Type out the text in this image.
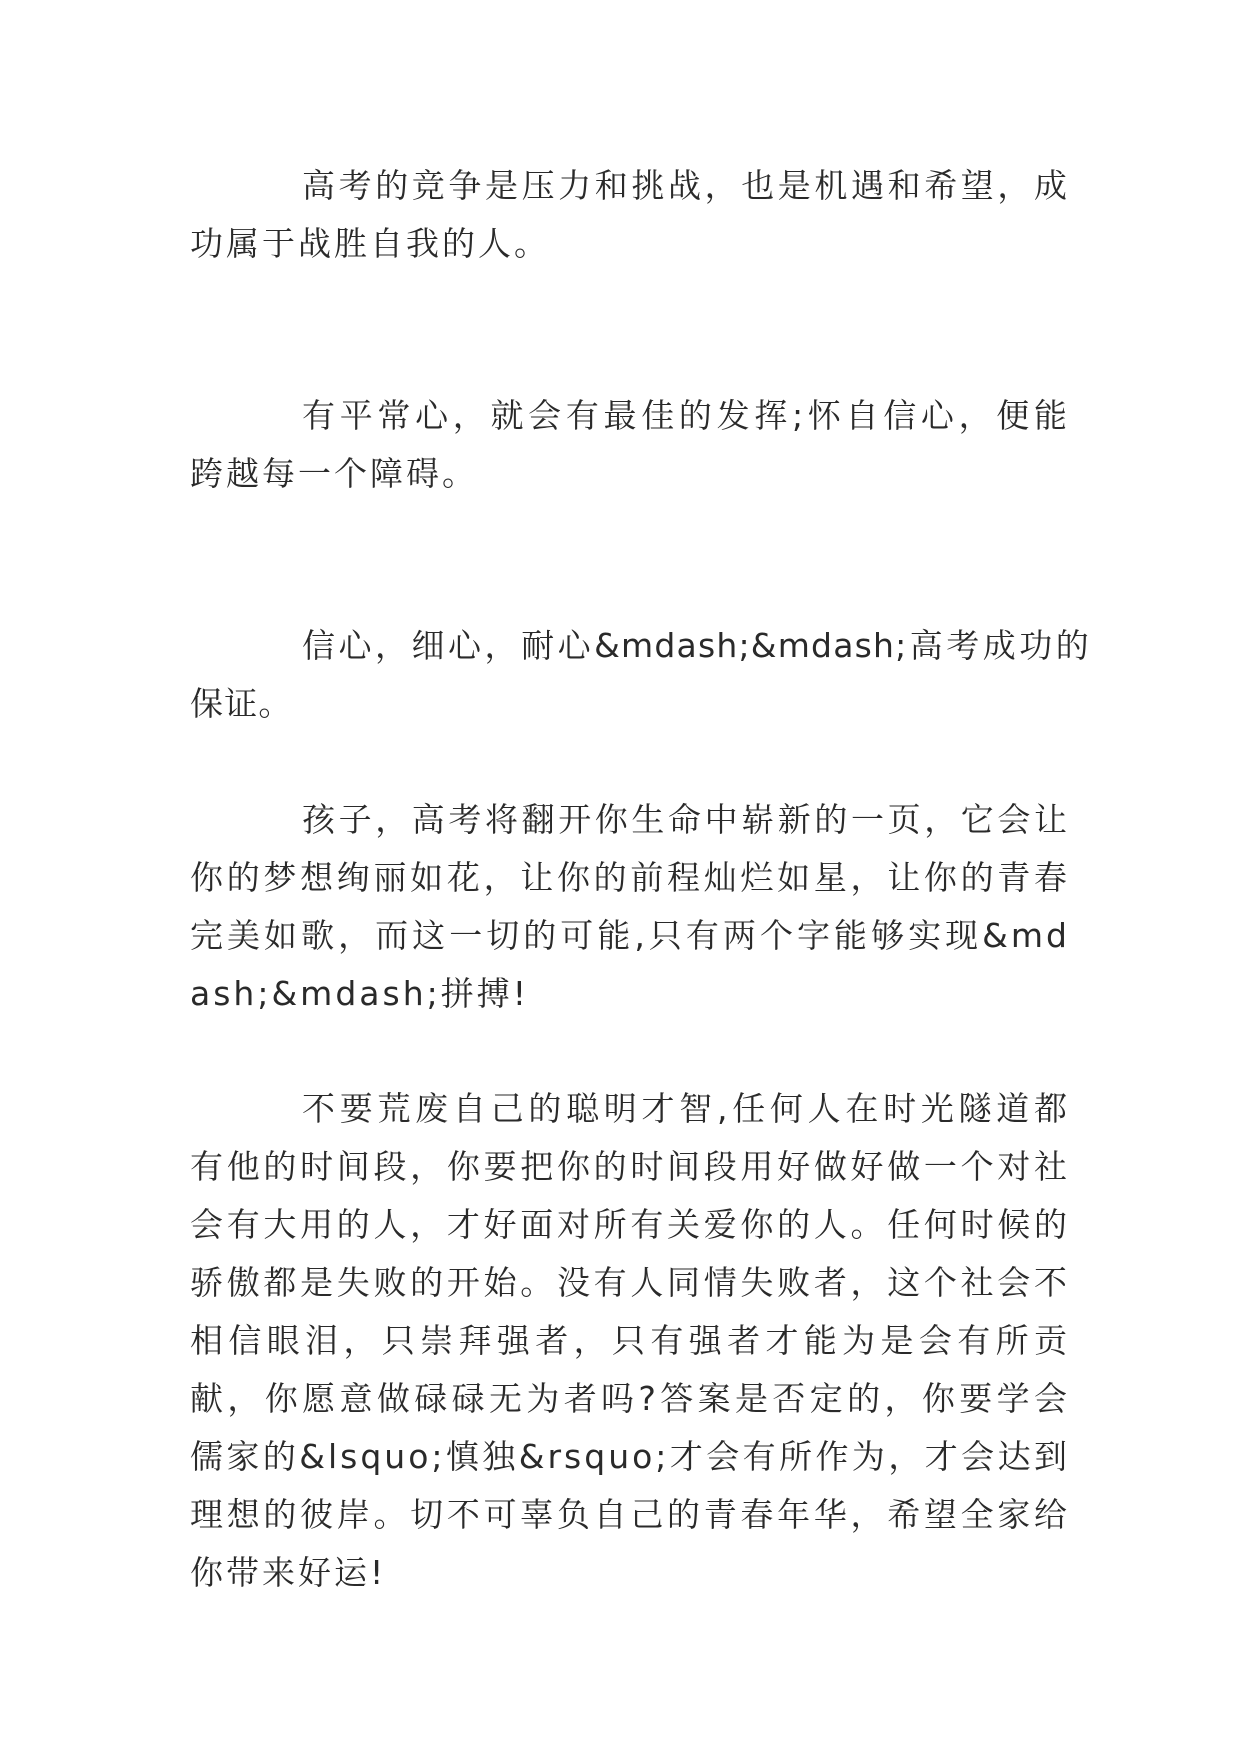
高考的竞争是压力和挑战，也是机遇和希望，成功属于战胜自我的人。

有平常心，就会有最佳的发挥;怀自信心，便能跨越每一个障碍。

信心，细心，耐心&mdash;&mdash;高考成功的保证。

孩子，高考将翻开你生命中崭新的一页，它会让你的梦想绚丽如花，让你的前程灿烂如星，让你的青春完美如歌，而这一切的可能,只有两个字能够实现&mdash;&mdash;拼搏!

不要荒废自己的聪明才智,任何人在时光隧道都有他的时间段，你要把你的时间段用好做好做一个对社会有大用的人，才好面对所有关爱你的人。任何时候的骄傲都是失败的开始。没有人同情失败者，这个社会不相信眼泪，只崇拜强者，只有强者才能为是会有所贡献，你愿意做碌碌无为者吗?答案是否定的，你要学会儒家的&lsquo;慎独&rsquo;才会有所作为，才会达到理想的彼岸。切不可辜负自己的青春年华，希望全家给你带来好运!
